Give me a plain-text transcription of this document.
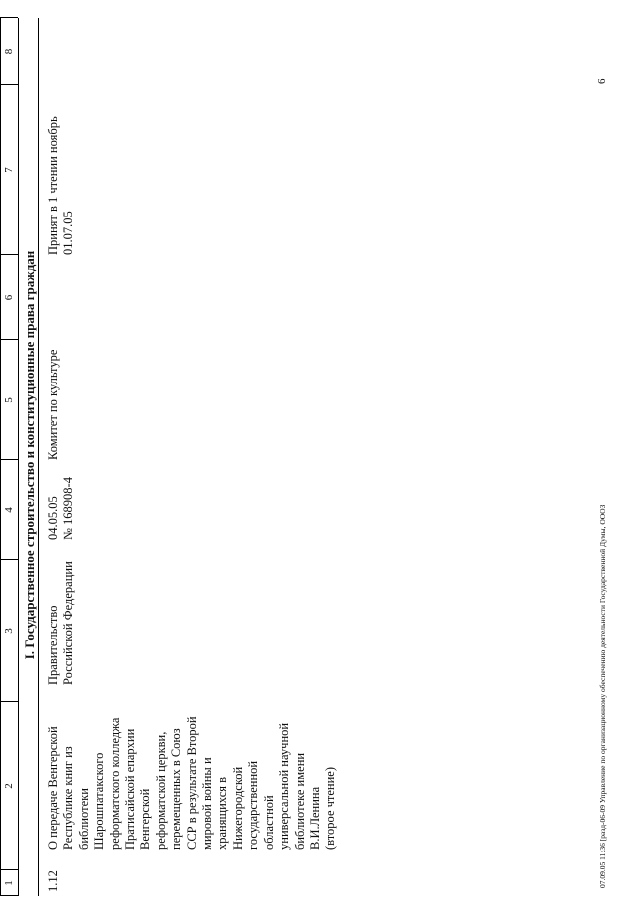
1
2
3
4
5
6
7
8
I. Государственное строительство и конституционные права граждан
1.12

О передаче Венгерской Республике книг из библиотеки Шарошпатакского реформатского колледжа Пратисайской епархии Венгерской реформатской церкви, перемещенных в Союз ССР в результате Второй мировой войны и хранящихся в Нижегородской государственной областной универсальной научной библиотеке имени В.И.Ленина (второе чтение)

Правительство Российской Федерации

04.05.05 № 168908-4

Комитет по культуре

Принят в 1 чтении ноябрь 01.07.05

07.09.05 11:36 [разд-06-09 Управление по организационному обеспечению деятельности Государственной Думы, ОООЗ
6
